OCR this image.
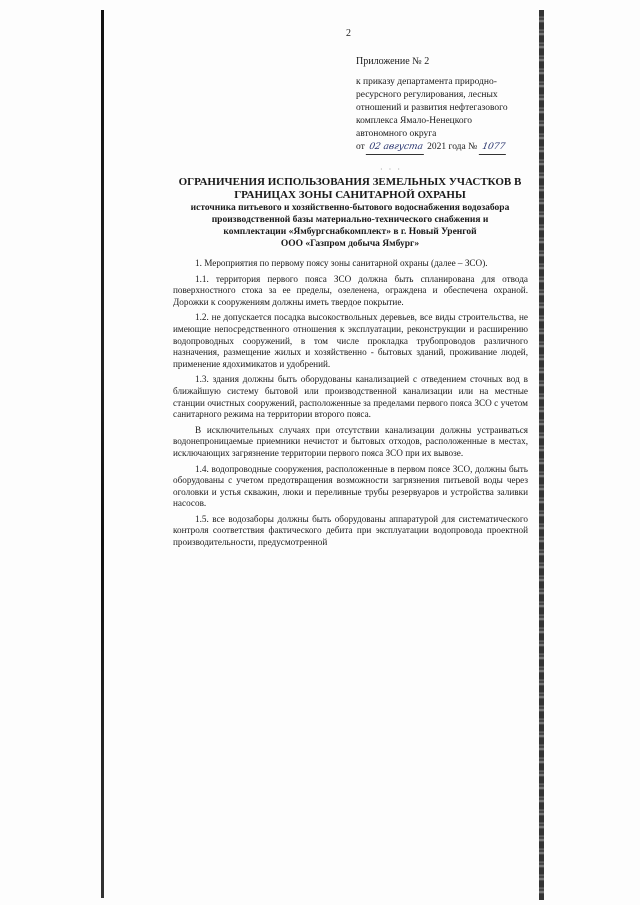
2
Приложение № 2
к приказу департамента природно-
ресурсного регулирования, лесных
отношений и развития нефтегазового
комплекса Ямало-Ненецкого
автономного округа
от 02 августа 2021 года № 1077
· · ·
ОГРАНИЧЕНИЯ ИСПОЛЬЗОВАНИЯ ЗЕМЕЛЬНЫХ УЧАСТКОВ В
ГРАНИЦАХ ЗОНЫ САНИТАРНОЙ ОХРАНЫ
источника питьевого и хозяйственно-бытового водоснабжения водозабора
производственной базы материально-технического снабжения и
комплектации «Ямбургснабкомплект» в г. Новый Уренгой
ООО «Газпром добыча Ямбург»

1. Мероприятия по первому поясу зоны санитарной охраны (далее – ЗСО).

1.1. территория первого пояса ЗСО должна быть спланирована для отвода поверхностного стока за ее пределы, озеленена, ограждена и обеспечена охраной. Дорожки к сооружениям должны иметь твердое покрытие.

1.2. не допускается посадка высокоствольных деревьев, все виды строительства, не имеющие непосредственного отношения к эксплуатации, реконструкции и расширению водопроводных сооружений, в том числе прокладка трубопроводов различного назначения, размещение жилых и хозяйственно - бытовых зданий, проживание людей, применение ядохимикатов и удобрений.

1.3. здания должны быть оборудованы канализацией с отведением сточных вод в ближайшую систему бытовой или производственной канализации или на местные станции очистных сооружений, расположенные за пределами первого пояса ЗСО с учетом санитарного режима на территории второго пояса.

В исключительных случаях при отсутствии канализации должны устраиваться водонепроницаемые приемники нечистот и бытовых отходов, расположенные в местах, исключающих загрязнение территории первого пояса ЗСО при их вывозе.

1.4. водопроводные сооружения, расположенные в первом поясе ЗСО, должны быть оборудованы с учетом предотвращения возможности загрязнения питьевой воды через оголовки и устья скважин, люки и переливные трубы резервуаров и устройства заливки насосов.

1.5. все водозаборы должны быть оборудованы аппаратурой для систематического контроля соответствия фактического дебита при эксплуатации водопровода проектной производительности, предусмотренной
